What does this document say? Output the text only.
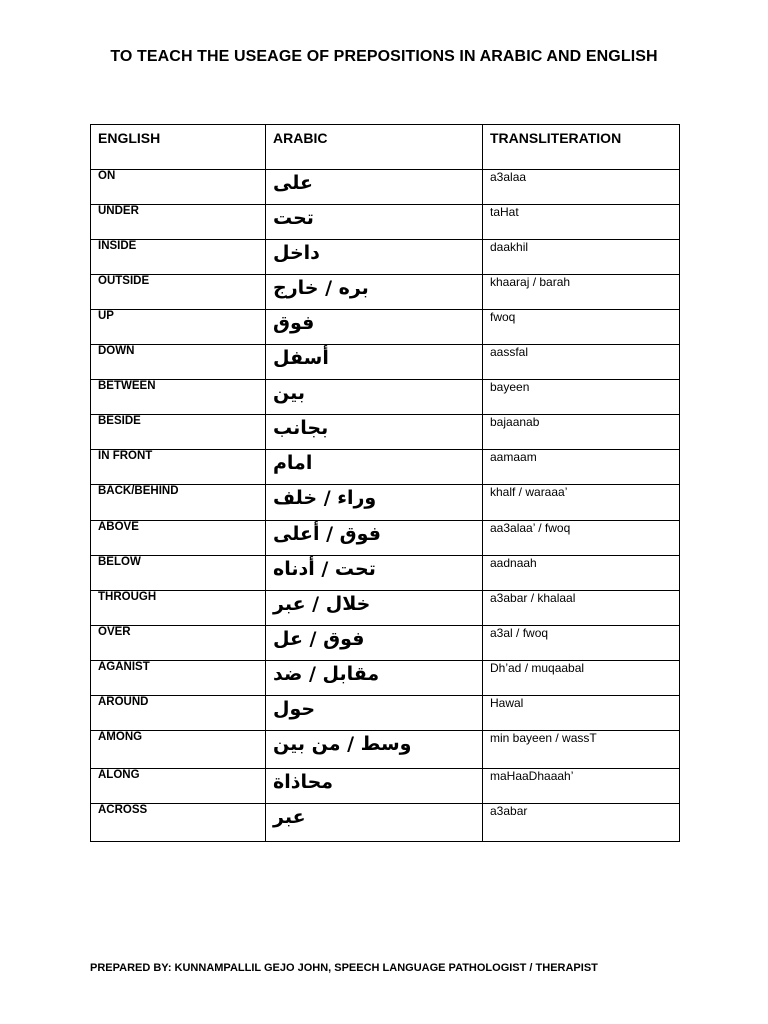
TO TEACH THE USEAGE OF PREPOSITIONS IN ARABIC AND ENGLISH
ENGLISH	ARABIC	TRANSLITERATION
ON	على	a3alaa
UNDER	تحت	taHat
INSIDE	داخل	daakhil
OUTSIDE	بره / خارج	khaaraj / barah
UP	فوق	fwoq
DOWN	أسفل	aassfal
BETWEEN	بين	bayeen
BESIDE	بجانب	bajaanab
IN FRONT	امام	aamaam
BACK/BEHIND	وراء / خلف	khalf / waraaa’
ABOVE	فوق / أعلى	aa3alaa’ / fwoq
BELOW	تحت / أدناه	aadnaah
THROUGH	خلال / عبر	a3abar / khalaal
OVER	فوق / عل	a3al / fwoq
AGANIST	مقابل / ضد	Dh’ad / muqaabal
AROUND	حول	Hawal
AMONG	وسط / من بين	min bayeen / wassT
ALONG	محاذاة	maHaaDhaaah’
ACROSS	عبر	a3abar
PREPARED BY: KUNNAMPALLIL GEJO JOHN, SPEECH LANGUAGE PATHOLOGIST / THERAPIST
